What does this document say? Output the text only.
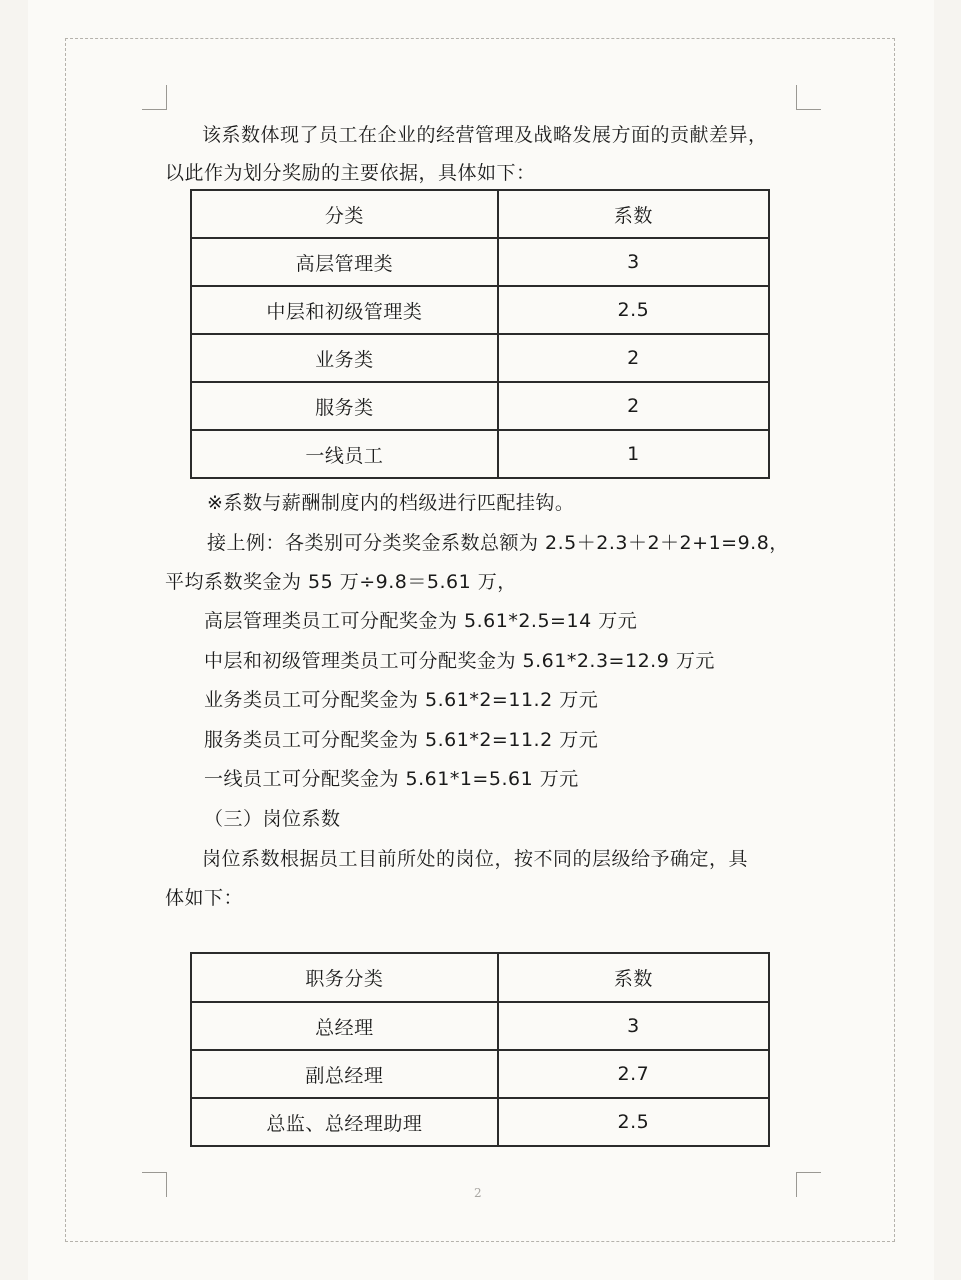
该系数体现了员工在企业的经营管理及战略发展方面的贡献差异，
以此作为划分奖励的主要依据，具体如下：
分类	系数
高层管理类	3
中层和初级管理类	2.5
业务类	2
服务类	2
一线员工	1
※系数与薪酬制度内的档级进行匹配挂钩。
接上例：各类别可分类奖金系数总额为 2.5＋2.3＋2＋2+1=9.8，
平均系数奖金为 55 万÷9.8＝5.61 万，
高层管理类员工可分配奖金为 5.61*2.5=14 万元
中层和初级管理类员工可分配奖金为 5.61*2.3=12.9 万元
业务类员工可分配奖金为 5.61*2=11.2 万元
服务类员工可分配奖金为 5.61*2=11.2 万元
一线员工可分配奖金为 5.61*1=5.61 万元
（三）岗位系数
岗位系数根据员工目前所处的岗位，按不同的层级给予确定，具
体如下：
职务分类	系数
总经理	3
副总经理	2.7
总监、总经理助理	2.5
2
